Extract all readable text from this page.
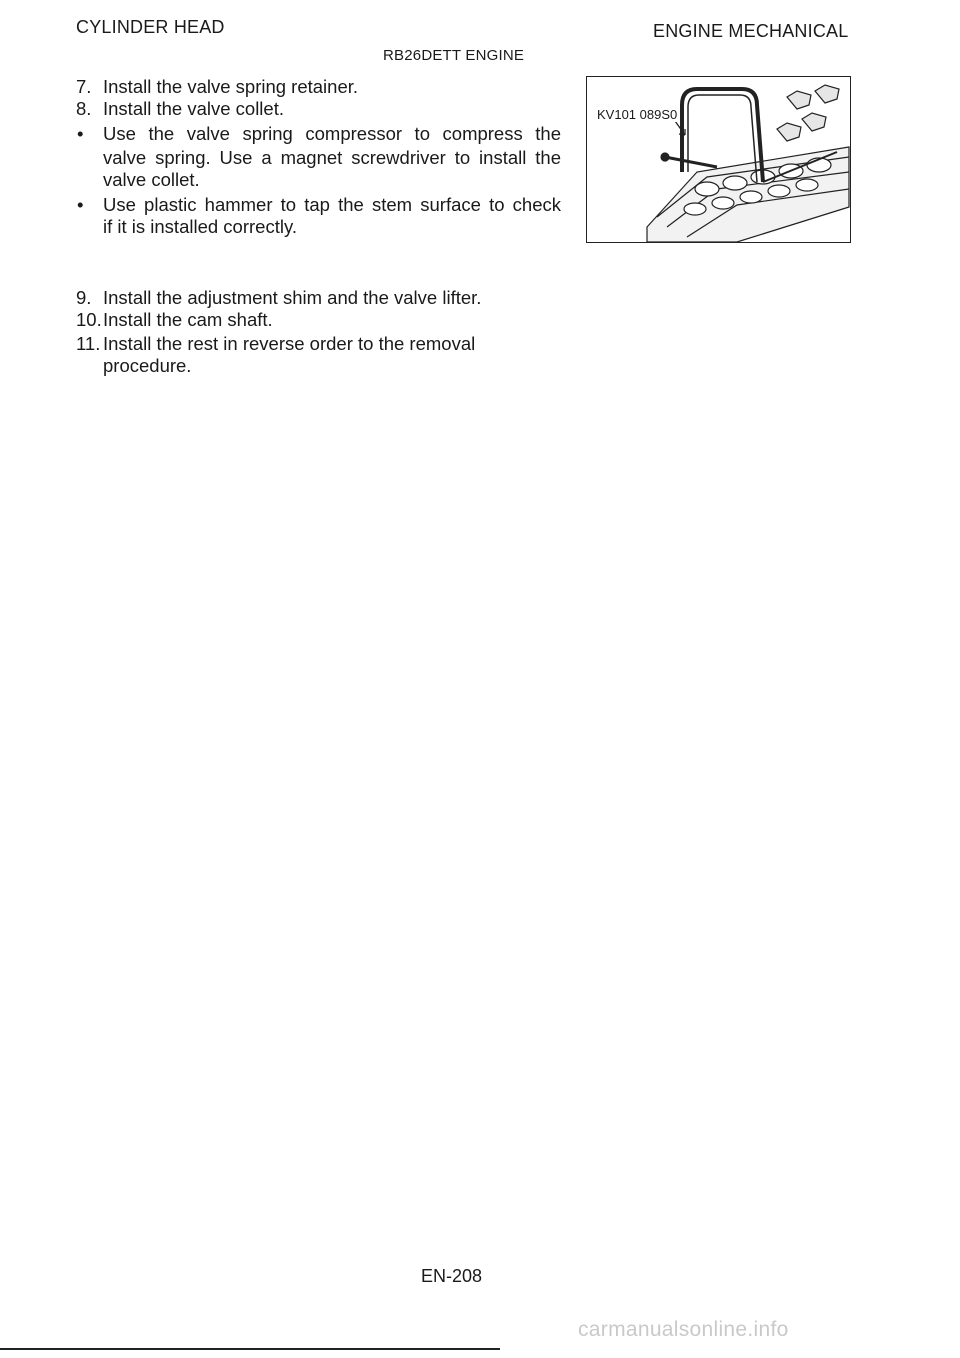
CYLINDER HEAD	ENGINE MECHANICAL
RB26DETT ENGINE
7. Install the valve spring retainer.
8. Install the valve collet.
•	Use the valve spring compressor to compress the
valve spring. Use a magnet screwdriver to install the
valve collet.
•	Use plastic hammer to tap the stem surface to check
if it is installed correctly.
9. Install the adjustment shim and the valve lifter.
10.Install the cam shaft.
11. Install the rest in reverse order to the removal
procedure.
KV101 089S0
EN-208
carmanualsonline.info
